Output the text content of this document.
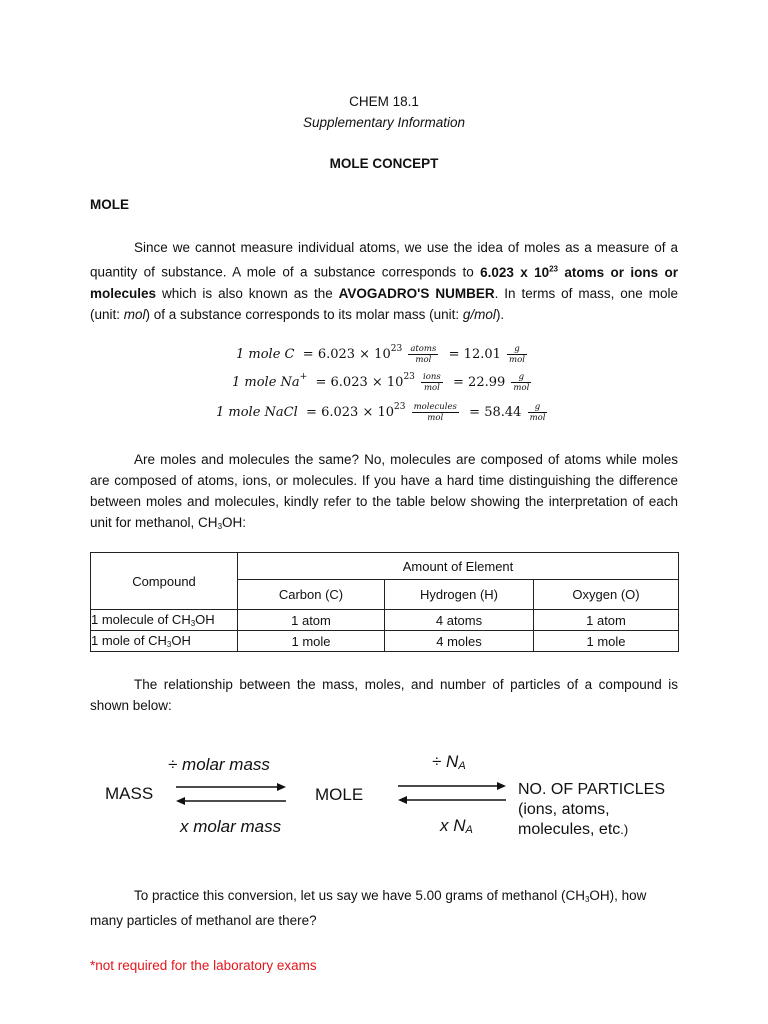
CHEM 18.1
Supplementary Information
MOLE CONCEPT
MOLE
Since we cannot measure individual atoms, we use the idea of moles as a measure of a quantity of substance. A mole of a substance corresponds to 6.023 x $10^{23}$ atoms or ions or molecules which is also known as the AVOGADRO'S NUMBER. In terms of mass, one mole (unit: mol) of a substance corresponds to its molar mass (unit: g/mol).
1 mole $C = 6.023 \times 10^{23} \frac{\text{atoms}}{\text{mol}} = 12.01 \frac{g}{\text{mol}}$
1 mole $Na^+ = 6.023 \times 10^{23} \frac{\text{ions}}{\text{mol}} = 22.99 \frac{g}{\text{mol}}$
1 mole NaCl  = $6.023 \times 10^{23} \frac{\text{molecules}}{\text{mol}} = 58.44 \frac{g}{\text{mol}}$
Are moles and molecules the same? No, molecules are composed of atoms while moles are composed of atoms, ions, or molecules. If you have a hard time distinguishing the difference between moles and molecules, kindly refer to the table below showing the interpretation of each unit for methanol, $CH_3OH$:
Compound	Amount of Element		
	Carbon (C)	Hydrogen (H)	Oxygen (O)
1 molecule of $CH_3OH$	1 atom	4 atoms	1 atom
1 mole of $CH_3OH$	1 mole	4 moles	1 mole
The relationship between the mass, moles, and number of particles of a compound is shown below:
MASS
÷ molar mass
x molar mass
MOLE
÷ $N_A$
x $N_A$
NO. OF PARTICLES
(ions, atoms,
molecules, etc.)
To practice this conversion, let us say we have 5.00 grams of methanol $(CH_3OH)$, how many particles of methanol are there?
*not required for the laboratory exams
